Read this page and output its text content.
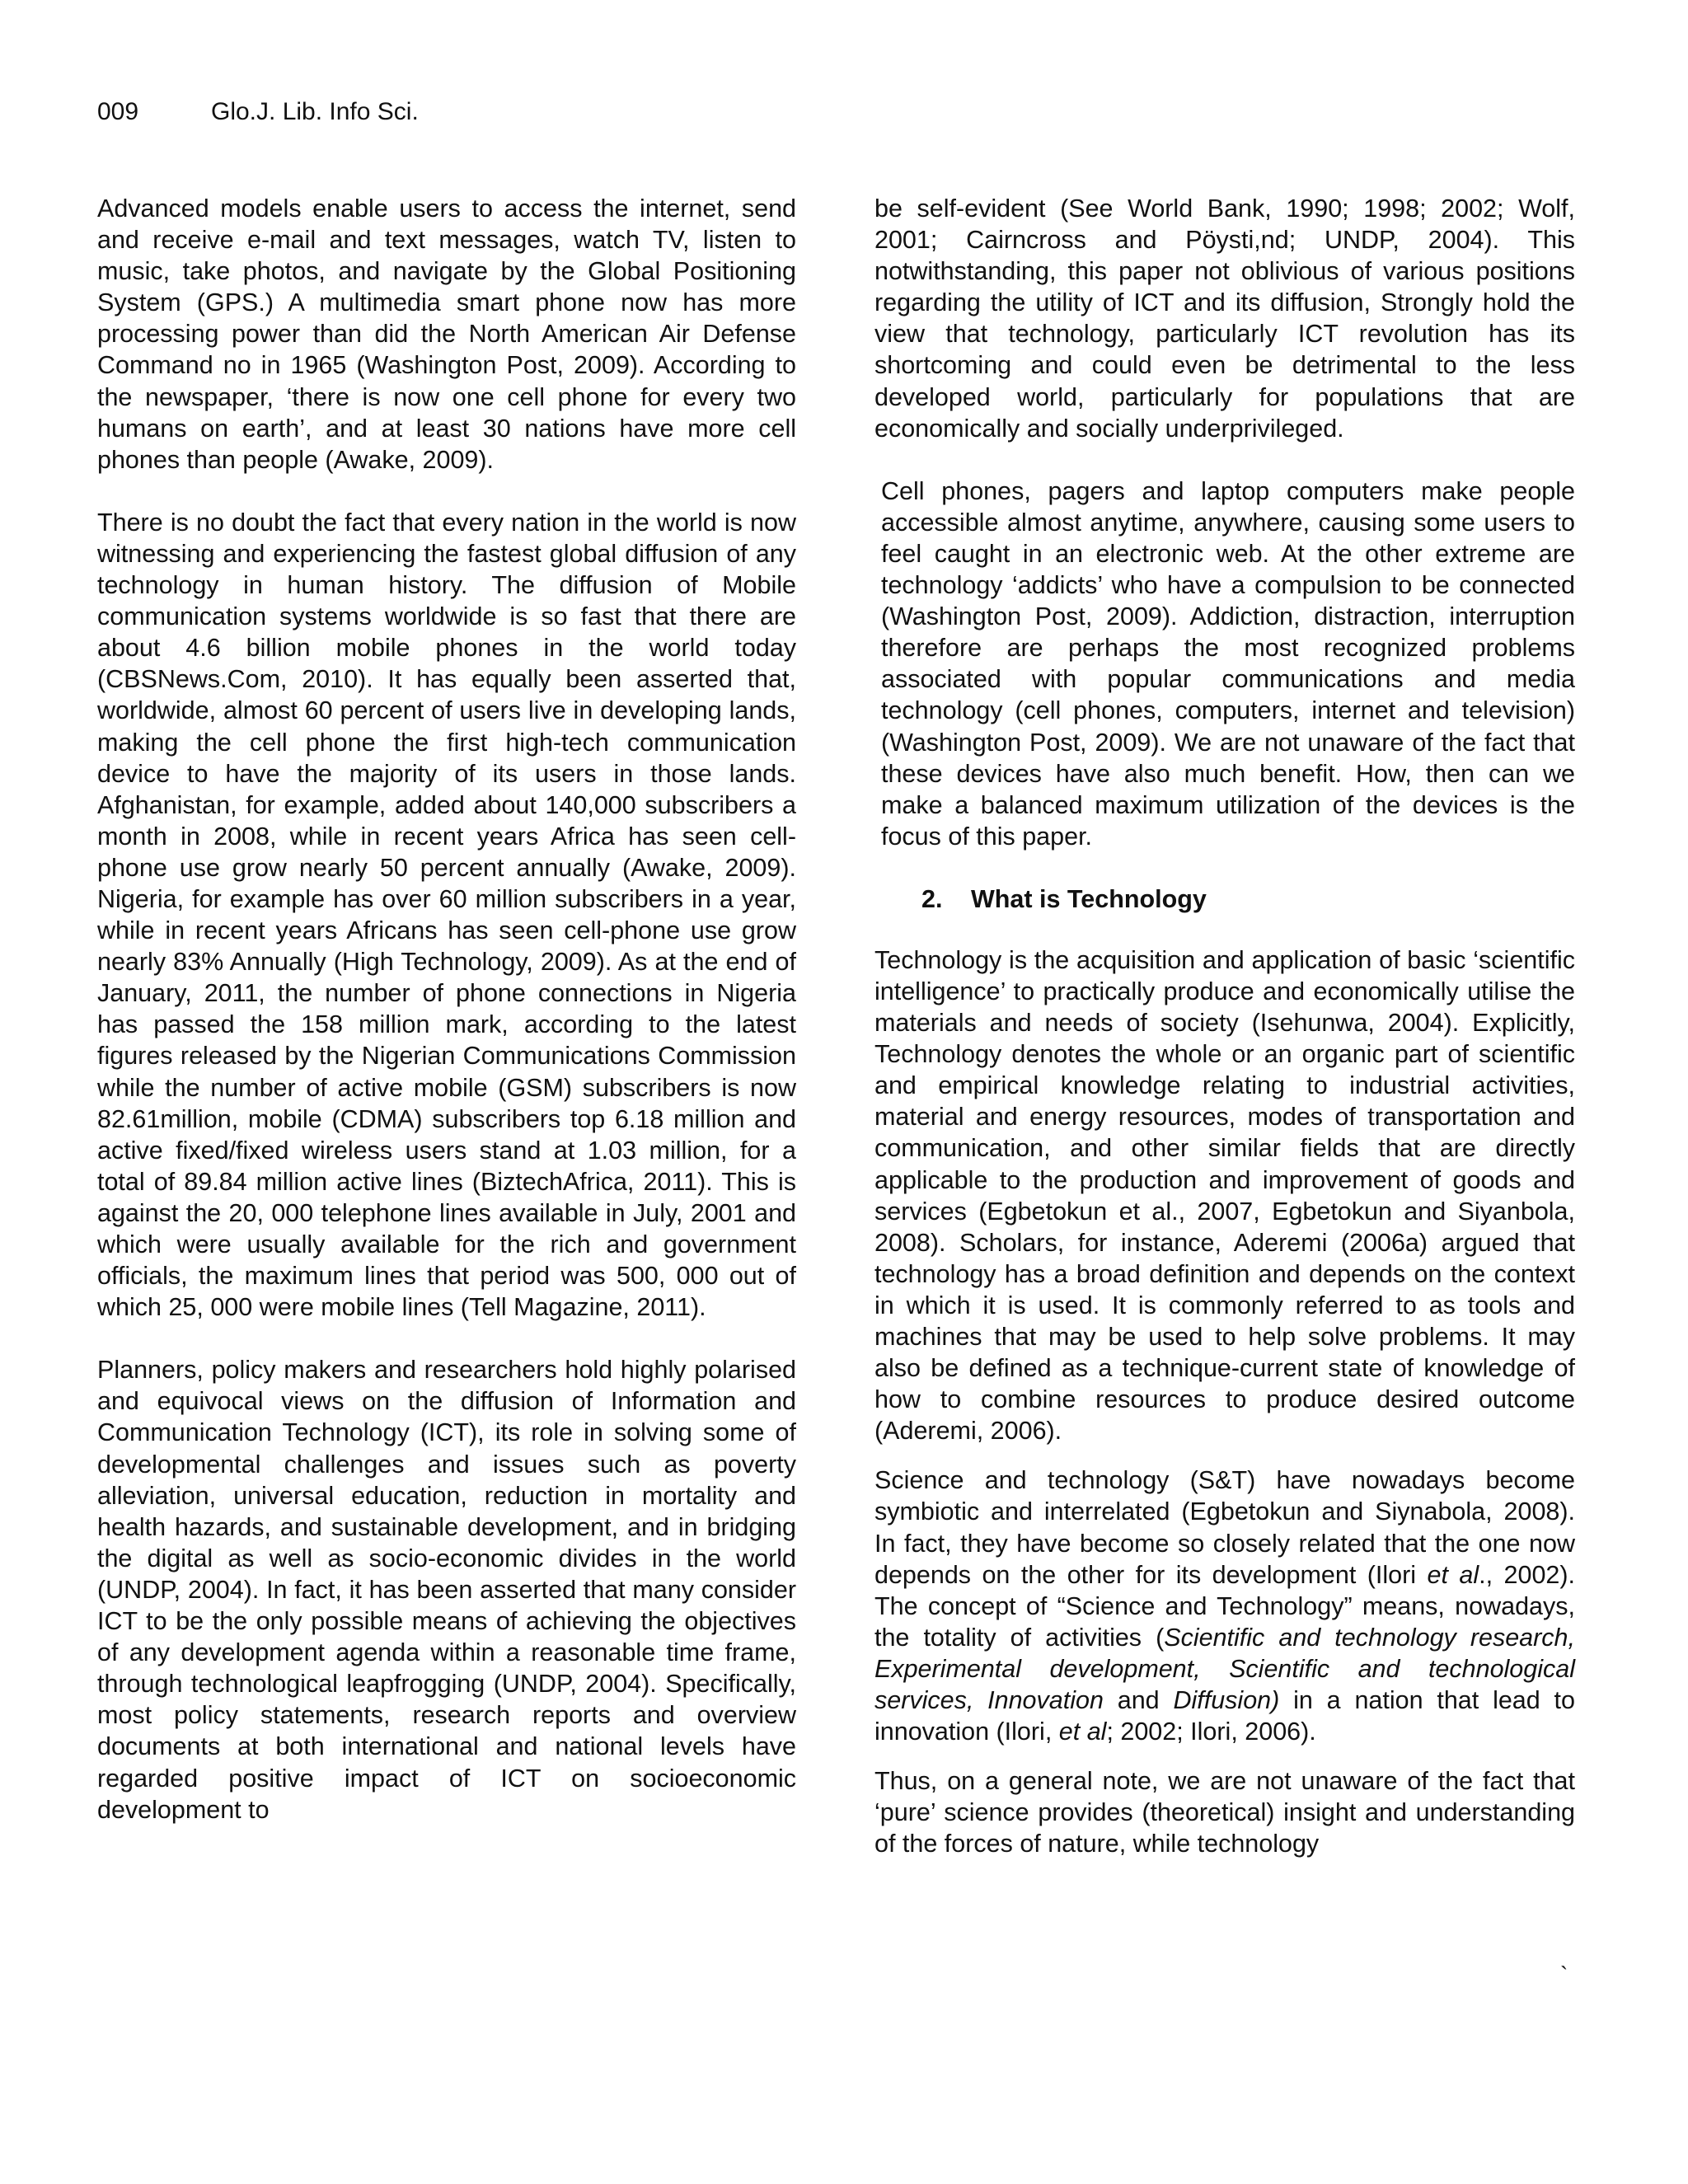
009	Glo.J. Lib. Info Sci.

Advanced models enable users to access the internet, send and receive e-mail and text messages, watch TV, listen to music, take photos, and navigate by the Global Positioning System (GPS.) A multimedia smart phone now has more processing power than did the North American Air Defense Command no in 1965 (Washington Post, 2009). According to the newspaper, ‘there is now one cell phone for every two humans on earth’, and at least 30 nations have more cell phones than people (Awake, 2009).

There is no doubt the fact that every nation in the world is now witnessing and experiencing the fastest global diffusion of any technology in human history. The diffusion of Mobile communication systems worldwide is so fast that there are about 4.6 billion mobile phones in the world today (CBSNews.Com, 2010). It has equally been asserted that, worldwide, almost 60 percent of users live in developing lands, making the cell phone the first high-tech communication device to have the majority of its users in those lands. Afghanistan, for example, added about 140,000 subscribers a month in 2008, while in recent years Africa has seen cell-phone use grow nearly 50 percent annually (Awake, 2009). Nigeria, for example has over 60 million subscribers in a year, while in recent years Africans has seen cell-phone use grow nearly 83% Annually (High Technology, 2009). As at the end of January, 2011, the number of phone connections in Nigeria has passed the 158 million mark, according to the latest figures released by the Nigerian Communications Commission while the number of active mobile (GSM) subscribers is now 82.61million, mobile (CDMA) subscribers top 6.18 million and active fixed/fixed wireless users stand at 1.03 million, for a total of 89.84 million active lines (BiztechAfrica, 2011). This is against the 20, 000 telephone lines available in July, 2001 and which were usually available for the rich and government officials, the maximum lines that period was 500, 000 out of which 25, 000 were mobile lines (Tell Magazine, 2011).

Planners, policy makers and researchers hold highly polarised and equivocal views on the diffusion of Information and Communication Technology (ICT), its role in solving some of developmental challenges and issues such as poverty alleviation, universal education, reduction in mortality and health hazards, and sustainable development, and in bridging the digital as well as socio-economic divides in the world (UNDP, 2004). In fact, it has been asserted that many consider ICT to be the only possible means of achieving the objectives of any development agenda within a reasonable time frame, through technological leapfrogging (UNDP, 2004). Specifically, most policy statements, research reports and overview documents at both international and national levels have regarded positive impact of ICT on socioeconomic development to

be self-evident (See World Bank, 1990; 1998; 2002; Wolf, 2001; Cairncross and Pöysti,nd; UNDP, 2004). This notwithstanding, this paper not oblivious of various positions regarding the utility of ICT and its diffusion, Strongly hold the view that technology, particularly ICT revolution has its shortcoming and could even be detrimental to the less developed world, particularly for populations that are economically and socially underprivileged.

Cell phones, pagers and laptop computers make people accessible almost anytime, anywhere, causing some users to feel caught in an electronic web. At the other extreme are technology ‘addicts’ who have a compulsion to be connected (Washington Post, 2009). Addiction, distraction, interruption therefore are perhaps the most recognized problems associated with popular communications and media technology (cell phones, computers, internet and television) (Washington Post, 2009). We are not unaware of the fact that these devices have also much benefit. How, then can we make a balanced maximum utilization of the devices is the focus of this paper.

2. What is Technology

Technology is the acquisition and application of basic ‘scientific intelligence’ to practically produce and economically utilise the materials and needs of society (Isehunwa, 2004). Explicitly, Technology denotes the whole or an organic part of scientific and empirical knowledge relating to industrial activities, material and energy resources, modes of transportation and communication, and other similar fields that are directly applicable to the production and improvement of goods and services (Egbetokun et al., 2007, Egbetokun and Siyanbola, 2008). Scholars, for instance, Aderemi (2006a) argued that technology has a broad definition and depends on the context in which it is used. It is commonly referred to as tools and machines that may be used to help solve problems. It may also be defined as a technique-current state of knowledge of how to combine resources to produce desired outcome (Aderemi, 2006).

Science and technology (S&T) have nowadays become symbiotic and interrelated (Egbetokun and Siynabola, 2008). In fact, they have become so closely related that the one now depends on the other for its development (Ilori et al., 2002). The concept of “Science and Technology” means, nowadays, the totality of activities (Scientific and technology research, Experimental development, Scientific and technological services, Innovation and Diffusion) in a nation that lead to innovation (Ilori, et al; 2002; Ilori, 2006).

Thus, on a general note, we are not unaware of the fact that ‘pure’ science provides (theoretical) insight and understanding of the forces of nature, while technology

`
